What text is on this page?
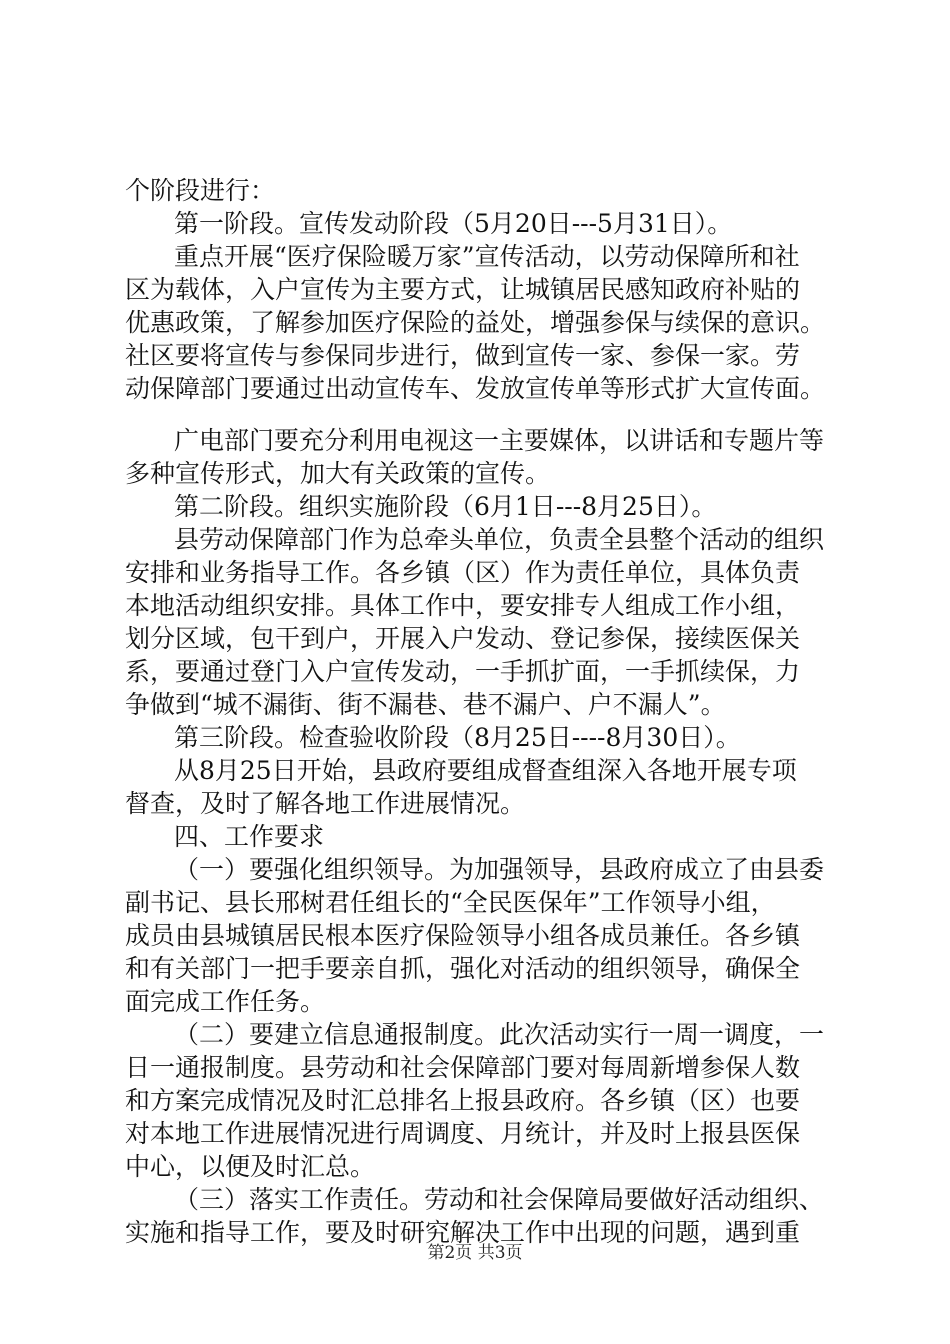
个阶段进行：
第一阶段。宣传发动阶段（5月20日---5月31日）。
重点开展“医疗保险暖万家”宣传活动，以劳动保障所和社
区为载体，入户宣传为主要方式，让城镇居民感知政府补贴的
优惠政策，了解参加医疗保险的益处，增强参保与续保的意识。
社区要将宣传与参保同步进行，做到宣传一家、参保一家。劳
动保障部门要通过出动宣传车、发放宣传单等形式扩大宣传面。
广电部门要充分利用电视这一主要媒体，以讲话和专题片等
多种宣传形式，加大有关政策的宣传。
第二阶段。组织实施阶段（6月1日---8月25日）。
县劳动保障部门作为总牵头单位，负责全县整个活动的组织
安排和业务指导工作。各乡镇（区）作为责任单位，具体负责
本地活动组织安排。具体工作中，要安排专人组成工作小组，
划分区域，包干到户，开展入户发动、登记参保，接续医保关
系，要通过登门入户宣传发动，一手抓扩面，一手抓续保，力
争做到“城不漏街、街不漏巷、巷不漏户、户不漏人”。
第三阶段。检查验收阶段（8月25日----8月30日）。
从8月25日开始，县政府要组成督查组深入各地开展专项
督查，及时了解各地工作进展情况。
四、工作要求
（一）要强化组织领导。为加强领导，县政府成立了由县委
副书记、县长邢树君任组长的“全民医保年”工作领导小组，
成员由县城镇居民根本医疗保险领导小组各成员兼任。各乡镇
和有关部门一把手要亲自抓，强化对活动的组织领导，确保全
面完成工作任务。
（二）要建立信息通报制度。此次活动实行一周一调度，一
日一通报制度。县劳动和社会保障部门要对每周新增参保人数
和方案完成情况及时汇总排名上报县政府。各乡镇（区）也要
对本地工作进展情况进行周调度、月统计，并及时上报县医保
中心，以便及时汇总。
（三）落实工作责任。劳动和社会保障局要做好活动组织、
实施和指导工作，要及时研究解决工作中出现的问题，遇到重
第2页 共3页
